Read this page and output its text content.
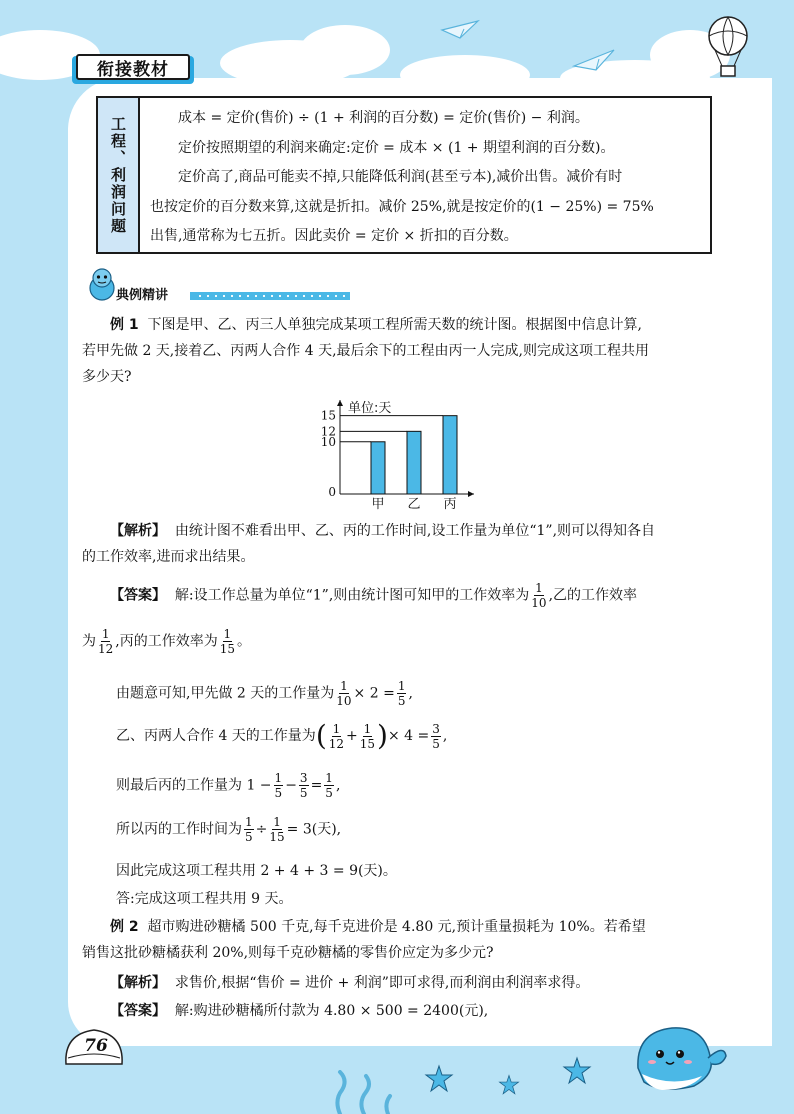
衔接教材
工程、利润问题	成本 = 定价(售价) ÷ (1 + 利润的百分数) = 定价(售价) − 利润。

定价按照期望的利润来确定:定价 = 成本 × (1 + 期望利润的百分数)。

定价高了,商品可能卖不掉,只能降低利润(甚至亏本),减价出售。减价有时

也按定价的百分数来算,这就是折扣。减价 25%,就是按定价的(1 − 25%) = 75%

出售,通常称为七五折。因此卖价 = 定价 × 折扣的百分数。

典例精讲
例 1 下图是甲、乙、丙三人单独完成某项工程所需天数的统计图。根据图中信息计算,
若甲先做 2 天,接着乙、丙两人合作 4 天,最后余下的工程由丙一人完成,则完成这项工程共用
多少天?
单位:天
甲 乙 丙
0
10
12
15
【解析】 由统计图不难看出甲、乙、丙的工作时间,设工作量为单位“1”,则可以得知各自
的工作效率,进而求出结果。
【答案】 解:设工作总量为单位“1”,则由统计图可知甲的工作效率为 $\frac{1}{10}$ ,乙的工作效率
为 $\frac{1}{12}$ ,丙的工作效率为 $\frac{1}{15}$ 。
由题意可知,甲先做 2 天的工作量为 $\frac{1}{10} \times 2 = \frac{1}{5}$ ,
乙、丙两人合作 4 天的工作量为( $\frac{1}{12} + \frac{1}{15}$ )× $4 = \frac{3}{5}$ ,
则最后丙的工作量为 $1 - \frac{1}{5} - \frac{3}{5} = \frac{1}{5}$ ,
所以丙的工作时间为 $\frac{1}{5} \div \frac{1}{15} = 3$(天),
因此完成这项工程共用 2 + 4 + 3 = 9(天)。
答:完成这项工程共用 9 天。
例 2 超市购进砂糖橘 500 千克,每千克进价是 4.80 元,预计重量损耗为 10%。若希望
销售这批砂糖橘获利 20%,则每千克砂糖橘的零售价应定为多少元?
【解析】 求售价,根据“售价 = 进价 + 利润”即可求得,而利润由利润率求得。
【答案】 解:购进砂糖橘所付款为 4.80 × 500 = 2400(元),
76
